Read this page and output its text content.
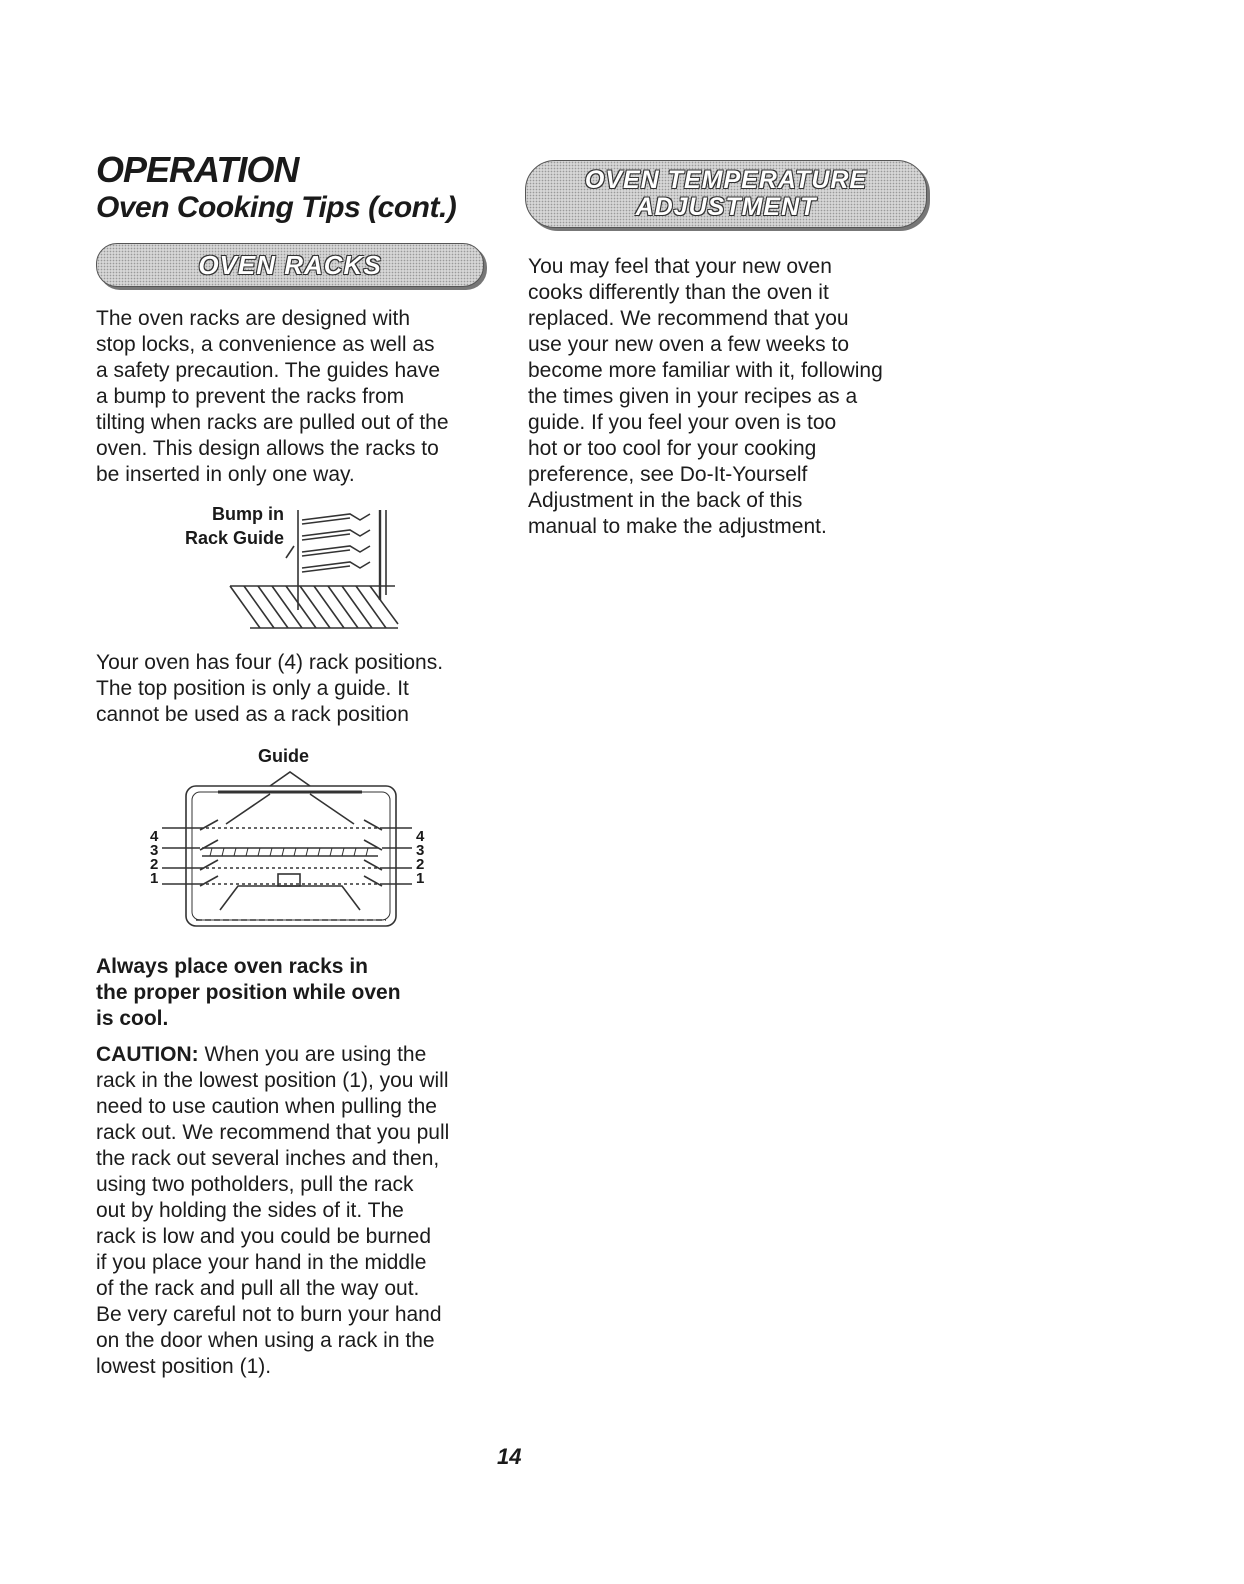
OPERATION
Oven Cooking Tips (cont.)
OVEN RACKS

The oven racks are designed with
stop locks, a convenience as well as
a safety precaution. The guides have
a bump to prevent the racks from
tilting when racks are pulled out of the
oven. This design allows the racks to
be inserted in only one way.

Bump in
Rack Guide

Your oven has four (4) rack positions.
The top position is only a guide. It
cannot be used as a rack position

Guide
4
3
2
1
4
3
2
1

Always place oven racks in
the proper position while oven
is cool.

CAUTION: When you are using the
rack in the lowest position (1), you will
need to use caution when pulling the
rack out. We recommend that you pull
the rack out several inches and then,
using two potholders, pull the rack
out by holding the sides of it. The
rack is low and you could be burned
if you place your hand in the middle
of the rack and pull all the way out.
Be very careful not to burn your hand
on the door when using a rack in the
lowest position (1).

OVEN TEMPERATURE
ADJUSTMENT

You may feel that your new oven
cooks differently than the oven it
replaced. We recommend that you
use your new oven a few weeks to
become more familiar with it, following
the times given in your recipes as a
guide. If you feel your oven is too
hot or too cool for your cooking
preference, see Do-It-Yourself
Adjustment in the back of this
manual to make the adjustment.

14
